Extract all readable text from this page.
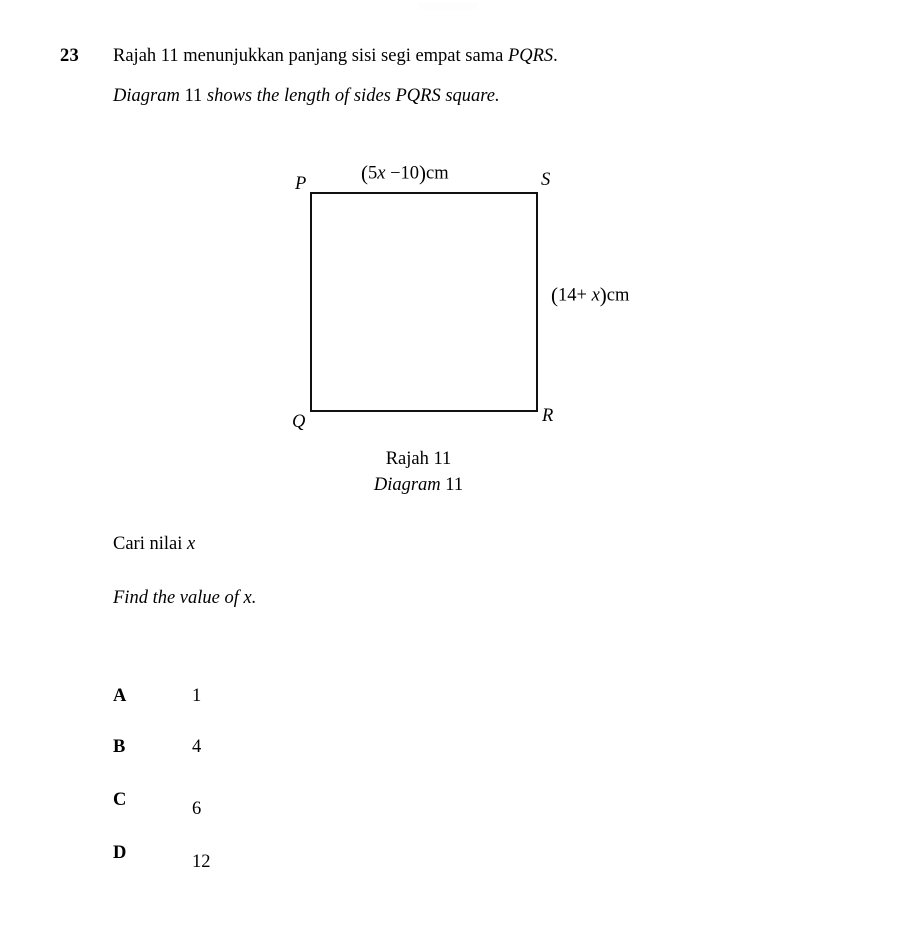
23 Rajah 11 menunjukkan panjang sisi segi empat sama PQRS.
Diagram 11 shows the length of sides PQRS square.
P	S
Q	R
(5x −10)cm
(14+ x)cm
Rajah 11
Diagram 11
Cari nilai x
Find the value of x.
A	1
B	4
C	6
D	12
